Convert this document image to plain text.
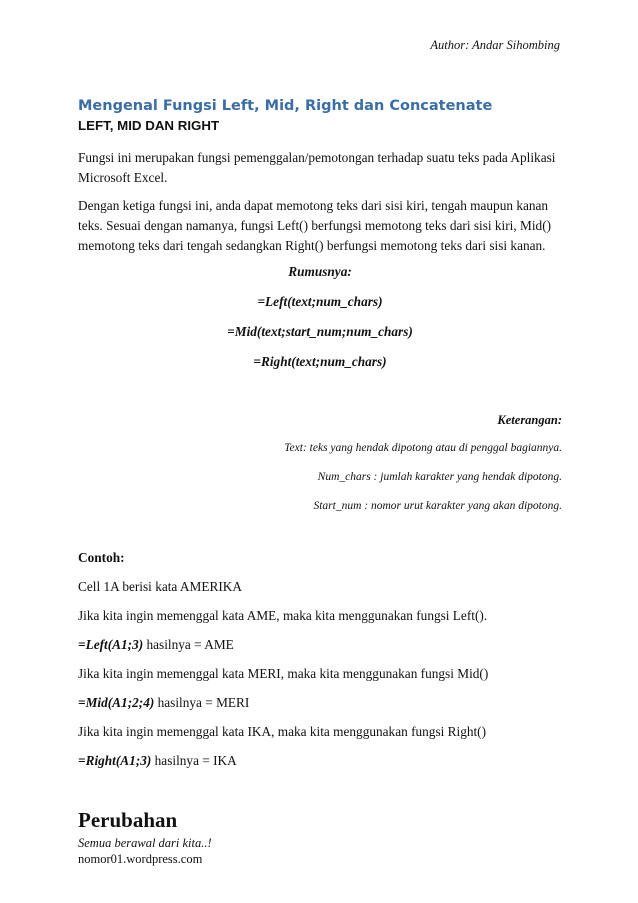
Author: Andar Sihombing
Mengenal Fungsi Left, Mid, Right dan Concatenate
LEFT, MID DAN RIGHT

Fungsi ini merupakan fungsi pemenggalan/pemotongan terhadap suatu teks pada Aplikasi Microsoft Excel.

Dengan ketiga fungsi ini, anda dapat memotong teks dari sisi kiri, tengah maupun kanan teks. Sesuai dengan namanya, fungsi Left() berfungsi memotong teks dari sisi kiri, Mid() memotong teks dari tengah sedangkan Right() berfungsi memotong teks dari sisi kanan.

Rumusnya:
=Left(text;num_chars)
=Mid(text;start_num;num_chars)
=Right(text;num_chars)
Keterangan:
Text: teks yang hendak dipotong atau di penggal bagiannya.
Num_chars : jumlah karakter yang hendak dipotong.
Start_num : nomor urut karakter yang akan dipotong.
Contoh:
Cell 1A berisi kata AMERIKA
Jika kita ingin memenggal kata AME, maka kita menggunakan fungsi Left().
=Left(A1;3) hasilnya = AME
Jika kita ingin memenggal kata MERI, maka kita menggunakan fungsi Mid()
=Mid(A1;2;4) hasilnya = MERI
Jika kita ingin memenggal kata IKA, maka kita menggunakan fungsi Right()
=Right(A1;3) hasilnya = IKA
Perubahan
Semua berawal dari kita..!
nomor01.wordpress.com
